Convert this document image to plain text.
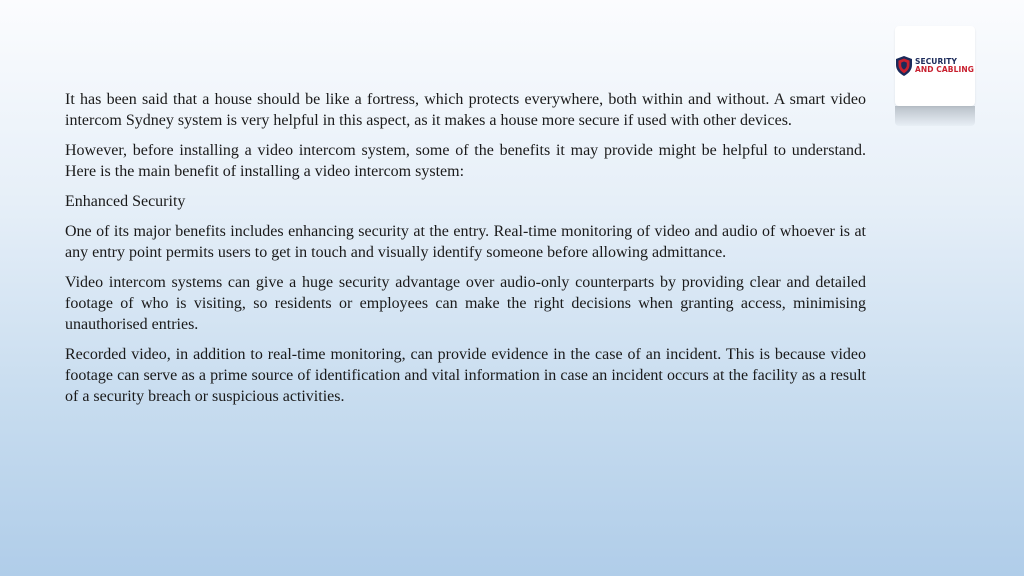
SECURITY
AND CABLING

It has been said that a house should be like a fortress, which protects everywhere, both within and without. A smart video intercom Sydney system is very helpful in this aspect, as it makes a house more secure if used with other devices.

However, before installing a video intercom system, some of the benefits it may provide might be helpful to understand. Here is the main benefit of installing a video intercom system:

Enhanced Security

One of its major benefits includes enhancing security at the entry. Real-time monitoring of video and audio of whoever is at any entry point permits users to get in touch and visually identify someone before allowing admittance.

Video intercom systems can give a huge security advantage over audio-only counterparts by providing clear and detailed footage of who is visiting, so residents or employees can make the right decisions when granting access, minimising unauthorised entries.

Recorded video, in addition to real-time monitoring, can provide evidence in the case of an incident. This is because video footage can serve as a prime source of identification and vital information in case an incident occurs at the facility as a result of a security breach or suspicious activities.
